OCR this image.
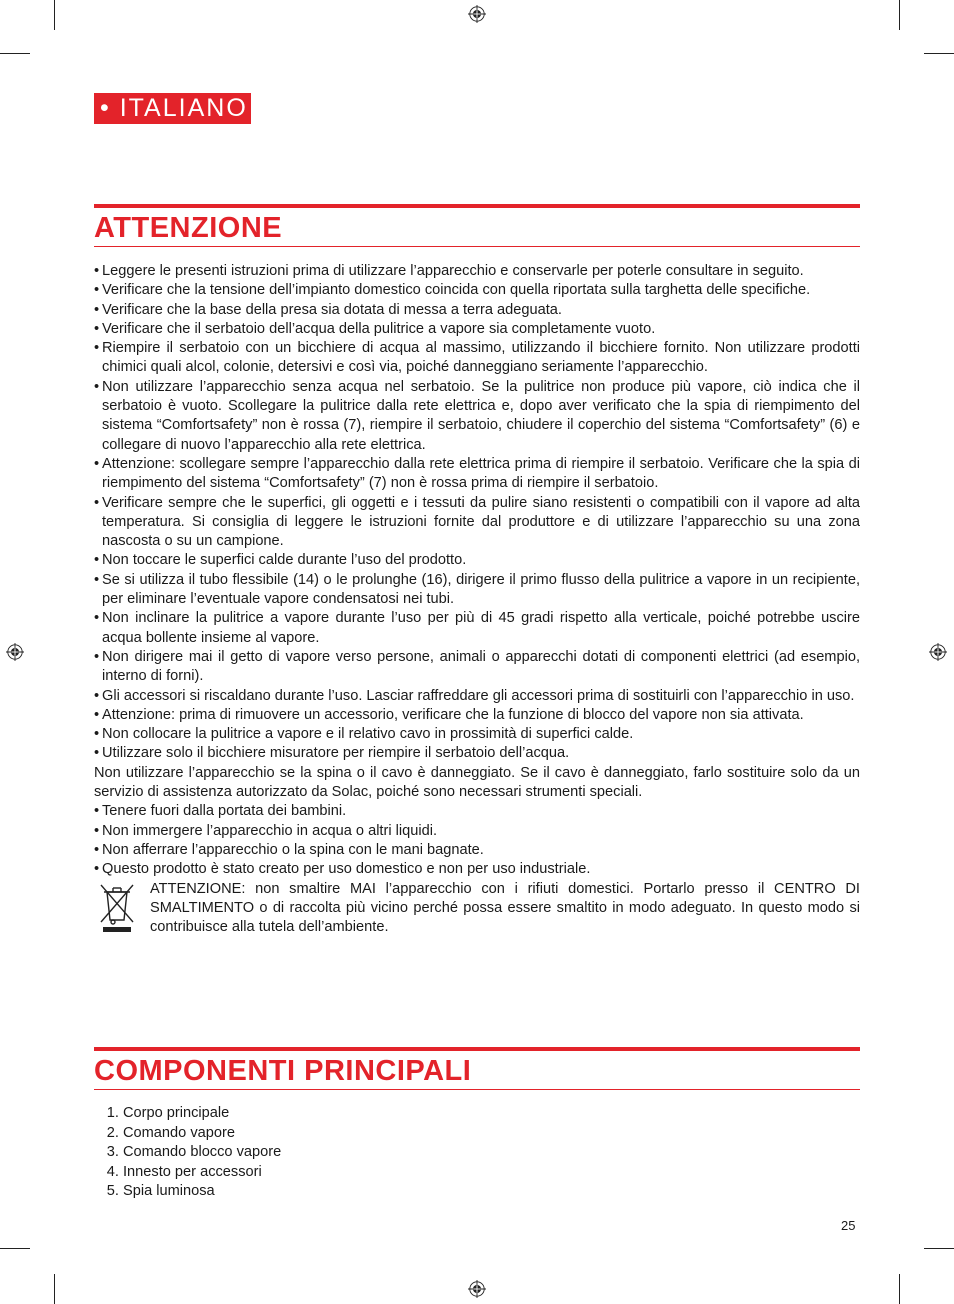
• ITALIANO
ATTENZIONE
• Leggere le presenti istruzioni prima di utilizzare l’apparecchio e conservarle per poterle consultare in seguito.
• Verificare che la tensione dell’impianto domestico coincida con quella riportata sulla targhetta delle specifiche.
• Verificare che la base della presa sia dotata di messa a terra adeguata.
• Verificare che il serbatoio dell’acqua della pulitrice a vapore sia completamente vuoto.
• Riempire il serbatoio con un bicchiere di acqua al massimo, utilizzando il bicchiere fornito. Non utilizzare prodotti chimici quali alcol, colonie, detersivi e così via, poiché danneggiano seriamente l’apparecchio.
• Non utilizzare l’apparecchio senza acqua nel serbatoio. Se la pulitrice non produce più vapore, ciò indica che il serbatoio è vuoto. Scollegare la pulitrice dalla rete elettrica e, dopo aver verificato che la spia di riempimento del sistema “Comfortsafety” non è rossa (7), riempire il serbatoio, chiudere il coperchio del sistema “Comfortsafety” (6) e collegare di nuovo l’apparecchio alla rete elettrica.
• Attenzione: scollegare sempre l’apparecchio dalla rete elettrica prima di riempire il serbatoio. Verificare che la spia di riempimento del sistema “Comfortsafety” (7) non è rossa prima di riempire il serbatoio.
• Verificare sempre che le superfici, gli oggetti e i tessuti da pulire siano resistenti o compatibili con il vapore ad alta temperatura. Si consiglia di leggere le istruzioni fornite dal produttore e di utilizzare l’apparecchio su una zona nascosta o su un campione.
• Non toccare le superfici calde durante l’uso del prodotto.
• Se si utilizza il tubo flessibile (14) o le prolunghe (16), dirigere il primo flusso della pulitrice a vapore in un recipiente, per eliminare l’eventuale vapore condensatosi nei tubi.
• Non inclinare la pulitrice a vapore durante l’uso per più di 45 gradi rispetto alla verticale, poiché potrebbe uscire acqua bollente insieme al vapore.
• Non dirigere mai il getto di vapore verso persone, animali o apparecchi dotati di componenti elettrici (ad esempio, interno di forni).
• Gli accessori si riscaldano durante l’uso. Lasciar raffreddare gli accessori prima di sostituirli con l’apparecchio in uso.
• Attenzione: prima di rimuovere un accessorio, verificare che la funzione di blocco del vapore non sia attivata.
• Non collocare la pulitrice a vapore e il relativo cavo in prossimità di superfici calde.
• Utilizzare solo il bicchiere misuratore per riempire il serbatoio dell’acqua.

Non utilizzare l’apparecchio se la spina o il cavo è danneggiato. Se il cavo è danneggiato, farlo sostituire solo da un servizio di assistenza autorizzato da Solac, poiché sono necessari strumenti speciali.

• Tenere fuori dalla portata dei bambini.
• Non immergere l’apparecchio in acqua o altri liquidi.
• Non afferrare l’apparecchio o la spina con le mani bagnate.
• Questo prodotto è stato creato per uso domestico e non per uso industriale.

ATTENZIONE: non smaltire MAI l’apparecchio con i rifiuti domestici. Portarlo presso il CENTRO DI SMALTIMENTO o di raccolta più vicino perché possa essere smaltito in modo adeguato. In questo modo si contribuisce alla tutela dell’ambiente.

COMPONENTI PRINCIPALI
1. Corpo principale
2. Comando vapore
3. Comando blocco vapore
4. Innesto per accessori
5. Spia luminosa
25
